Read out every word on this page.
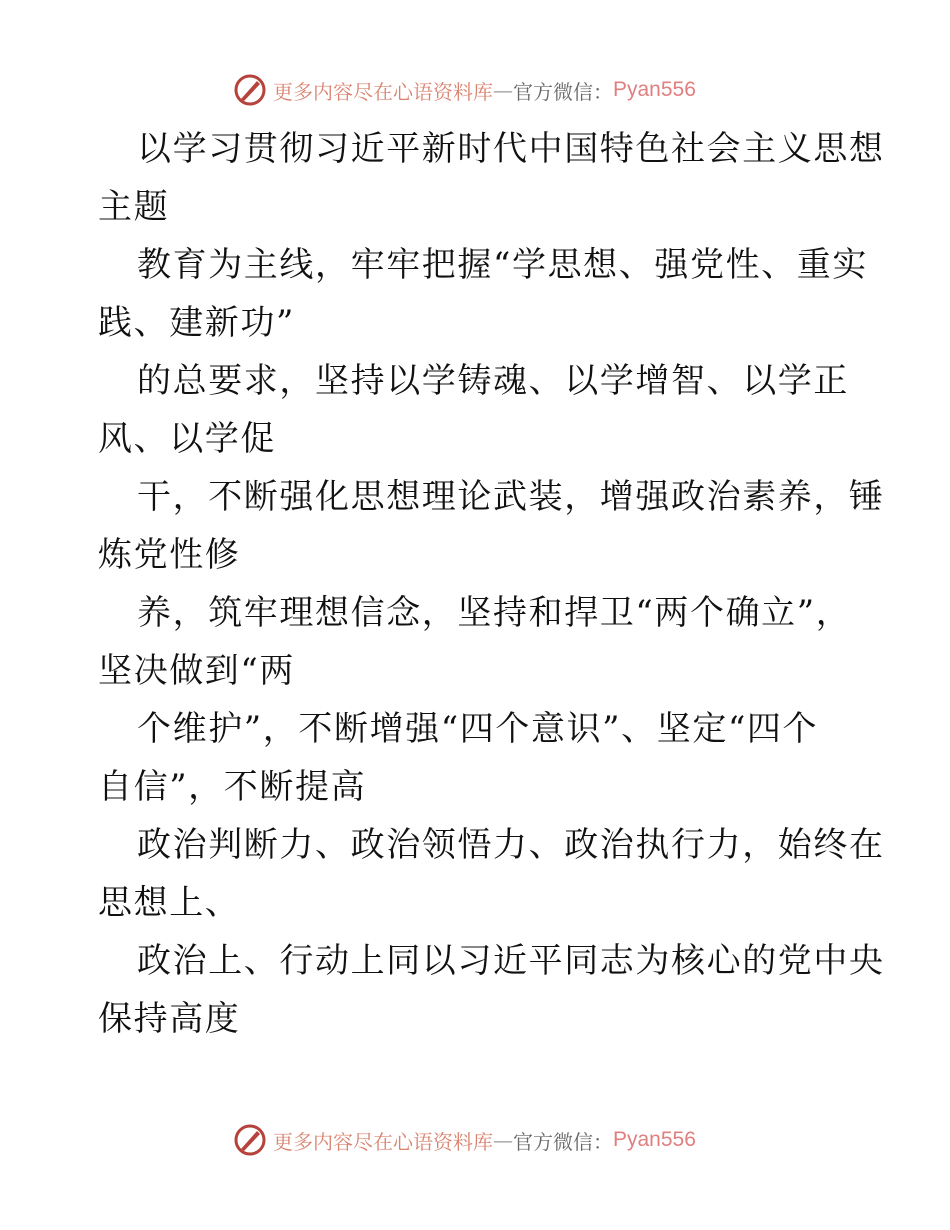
更多内容尽在心语资料库 — 官方微信： Pyan556
以学习贯彻习近平新时代中国特色社会主义思想
主题
教育为主线，牢牢把握“学思想、强党性、重实
践、建新功”
的总要求，坚持以学铸魂、以学增智、以学正
风、以学促
干，不断强化思想理论武装，增强政治素养，锤
炼党性修
养，筑牢理想信念，坚持和捍卫“两个确立”，
坚决做到“两
个维护”，不断增强“四个意识”、坚定“四个
自信”，不断提高
政治判断力、政治领悟力、政治执行力，始终在
思想上、
政治上、行动上同以习近平同志为核心的党中央
保持高度
更多内容尽在心语资料库 — 官方微信： Pyan556
